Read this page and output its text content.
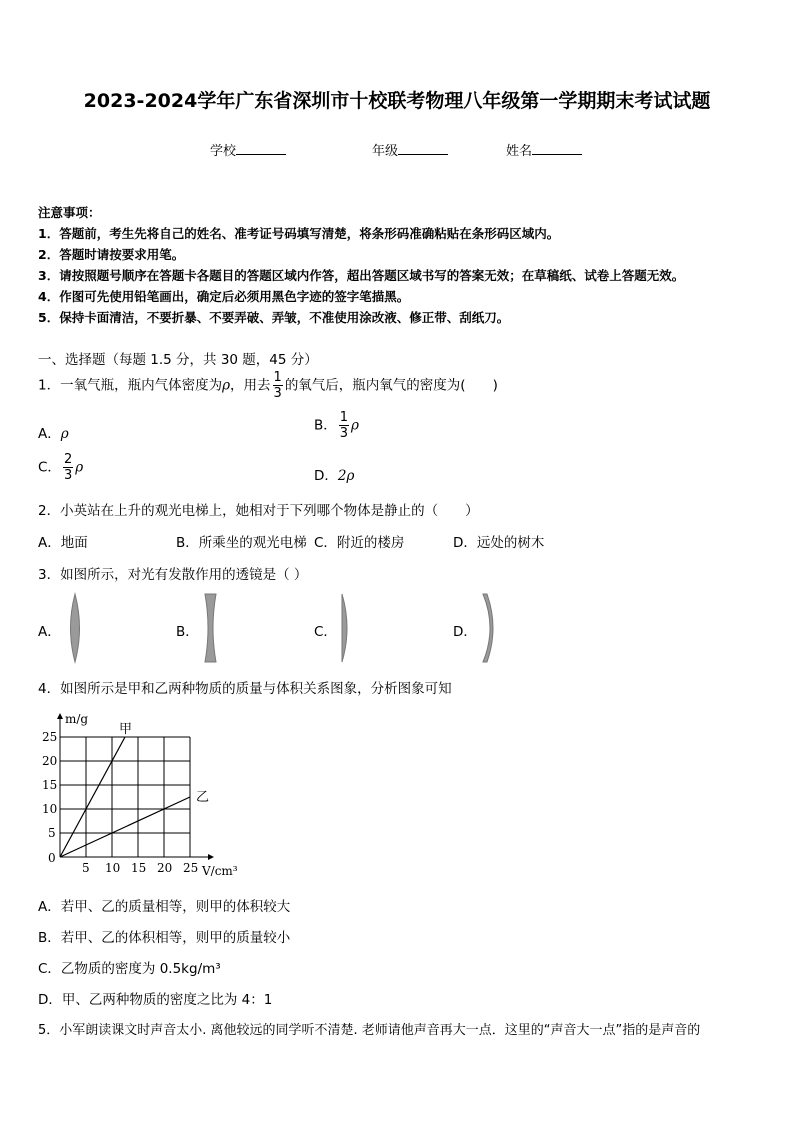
2023-2024学年广东省深圳市十校联考物理八年级第一学期期末考试试题
学校	年级	姓名
注意事项：
1．答题前，考生先将自己的姓名、准考证号码填写清楚，将条形码准确粘贴在条形码区域内。
2．答题时请按要求用笔。
3．请按照题号顺序在答题卡各题目的答题区域内作答，超出答题区域书写的答案无效；在草稿纸、试卷上答题无效。
4．作图可先使用铅笔画出，确定后必须用黑色字迹的签字笔描黑。
5．保持卡面清洁，不要折暴、不要弄破、弄皱，不准使用涂改液、修正带、刮纸刀。
一、选择题（每题 1.5 分，共 30 题，45 分）
1．一氧气瓶，瓶内气体密度为ρ，用去 $\frac{1}{3}$ 的氧气后，瓶内氧气的密度为(　　)
A．ρ
B． $\frac{1}{3}$ ρ
C． $\frac{2}{3}$ ρ
D．2ρ
2．小英站在上升的观光电梯上，她相对于下列哪个物体是静止的（　　）
A．地面	B．所乘坐的观光电梯 C．附近的楼房	D．远处的树木
3．如图所示，对光有发散作用的透镜是（ ）
A．	B．	C．	D．
4．如图所示是甲和乙两种物质的质量与体积关系图象，分析图象可知
甲
乙
5 10 15 20 25
5
10
15
20
25
m/g
V/cm³
0
A．若甲、乙的质量相等，则甲的体积较大
B．若甲、乙的体积相等，则甲的质量较小
C．乙物质的密度为 0.5kg/m³
D．甲、乙两种物质的密度之比为 4：1
5．小军朗读课文时声音太小. 离他较远的同学听不清楚. 老师请他声音再大一点．这里的“声音大一点”指的是声音的
